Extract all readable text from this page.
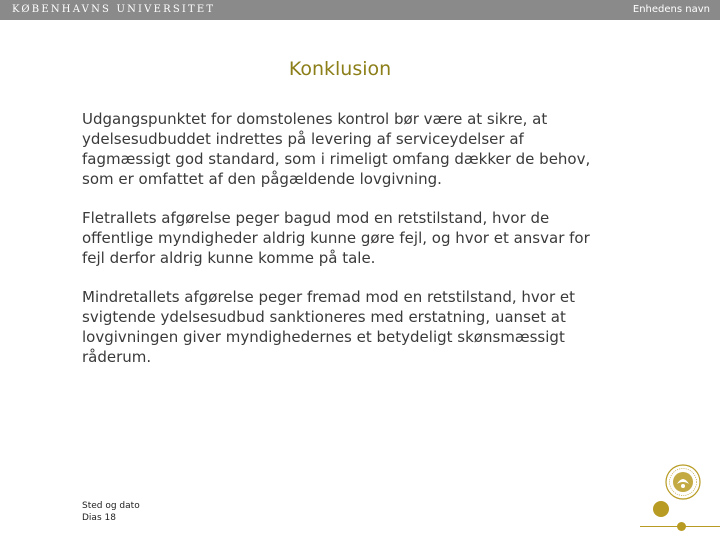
KØBENHAVNS UNIVERSITET	Enhedens navn
Konklusion

Udgangspunktet for domstolenes kontrol bør være at sikre, at ydelsesudbuddet indrettes på levering af serviceydelser af fagmæssigt god standard, som i rimeligt omfang dækker de behov, som er omfattet af den pågældende lovgivning.

Fletrallets afgørelse peger bagud mod en retstilstand, hvor de offentlige myndigheder aldrig kunne gøre fejl, og hvor et ansvar for fejl derfor aldrig kunne komme på tale.

Mindretallets afgørelse peger fremad mod en retstilstand, hvor et svigtende ydelsesudbud sanktioneres med erstatning, uanset at lovgivningen giver myndighedernes et betydeligt skønsmæssigt råderum.

Sted og dato
Dias 18
